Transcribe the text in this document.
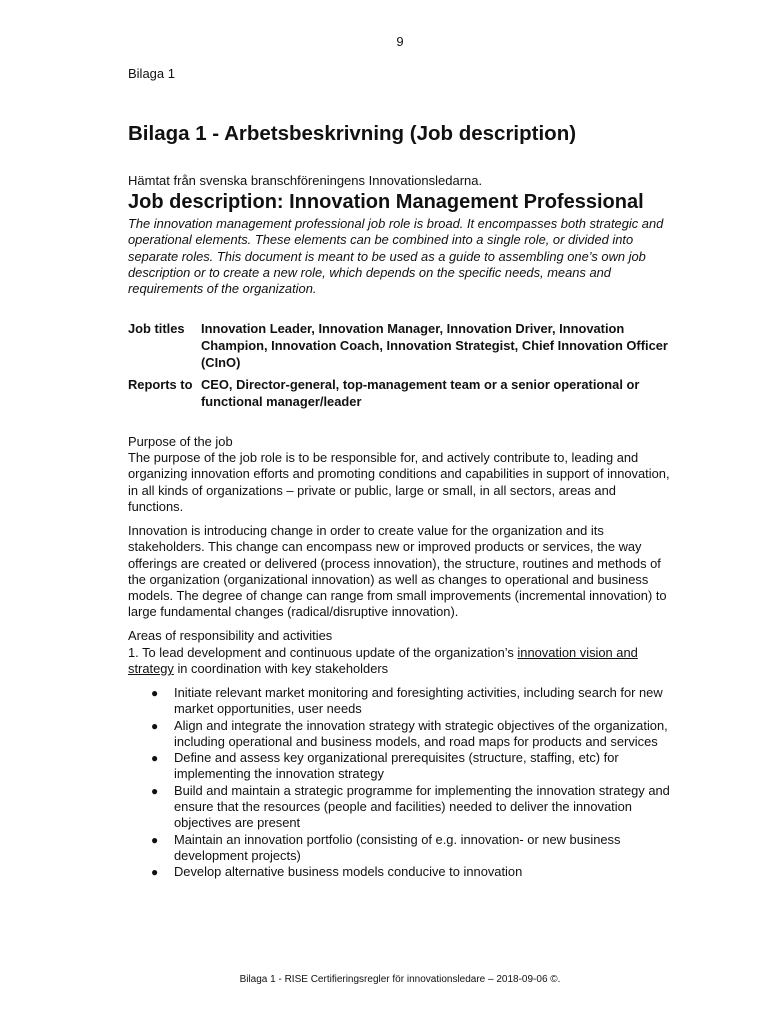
9
Bilaga 1
Bilaga 1 - Arbetsbeskrivning (Job description)
Hämtat från svenska branschföreningens Innovationsledarna.
Job description: Innovation Management Professional
The innovation management professional job role is broad. It encompasses both strategic and operational elements. These elements can be combined into a single role, or divided into separate roles. This document is meant to be used as a guide to assembling one’s own job description or to create a new role, which depends on the specific needs, means and requirements of the organization.
Job titles	Innovation Leader, Innovation Manager, Innovation Driver, Innovation Champion, Innovation Coach, Innovation Strategist, Chief Innovation Officer (CInO)
Reports to CEO, Director-general, top-management team or a senior operational or functional manager/leader
Purpose of the job
The purpose of the job role is to be responsible for, and actively contribute to, leading and organizing innovation efforts and promoting conditions and capabilities in support of innovation, in all kinds of organizations – private or public, large or small, in all sectors, areas and functions.
Innovation is introducing change in order to create value for the organization and its stakeholders. This change can encompass new or improved products or services, the way offerings are created or delivered (process innovation), the structure, routines and methods of the organization (organizational innovation) as well as changes to operational and business models. The degree of change can range from small improvements (incremental innovation) to large fundamental changes (radical/disruptive innovation).
Areas of responsibility and activities
1. To lead development and continuous update of the organization’s innovation vision and strategy in coordination with key stakeholders
● Initiate relevant market monitoring and foresighting activities, including search for new market opportunities, user needs
● Align and integrate the innovation strategy with strategic objectives of the organization, including operational and business models, and road maps for products and services
● Define and assess key organizational prerequisites (structure, staffing, etc) for implementing the innovation strategy
● Build and maintain a strategic programme for implementing the innovation strategy and ensure that the resources (people and facilities) needed to deliver the innovation objectives are present
● Maintain an innovation portfolio (consisting of e.g. innovation- or new business development projects)
● Develop alternative business models conducive to innovation
Bilaga 1 - RISE Certifieringsregler för innovationsledare – 2018-09-06 ©.
